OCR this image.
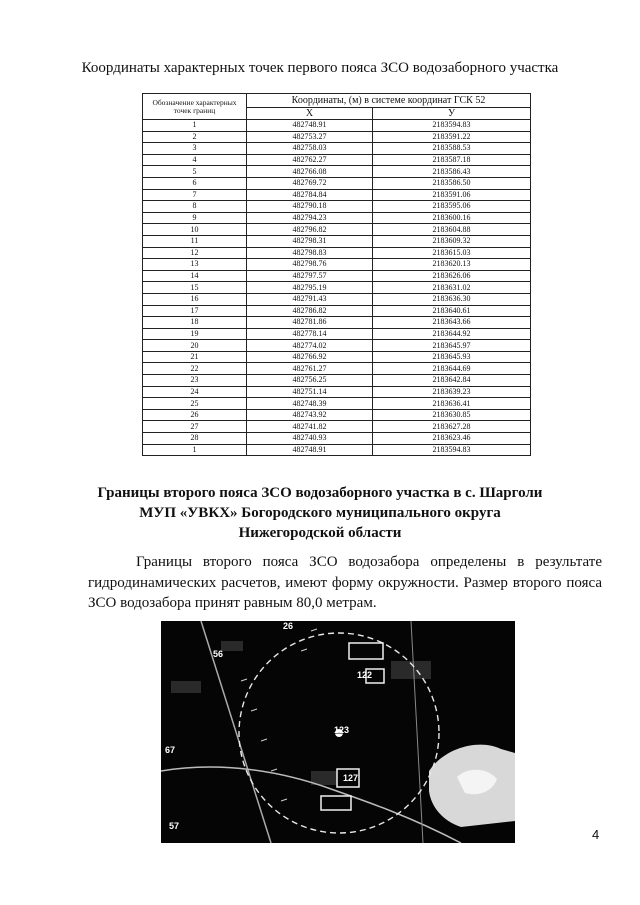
Координаты характерных точек первого пояса ЗСО водозаборного участка
Обозначение характерных точек границ	Координаты, (м) в системе координат ГСК 52	
	X	У
1	482748.91	2183594.83
2	482753.27	2183591.22
3	482758.03	2183588.53
4	482762.27	2183587.18
5	482766.08	2183586.43
6	482769.72	2183586.50
7	482784.84	2183591.06
8	482790.18	2183595.06
9	482794.23	2183600.16
10	482796.82	2183604.88
11	482798.31	2183609.32
12	482798.83	2183615.03
13	482798.76	2183620.13
14	482797.57	2183626.06
15	482795.19	2183631.02
16	482791.43	2183636.30
17	482786.82	2183640.61
18	482781.86	2183643.66
19	482778.14	2183644.92
20	482774.02	2183645.97
21	482766.92	2183645.93
22	482761.27	2183644.69
23	482756.25	2183642.84
24	482751.14	2183639.23
25	482748.39	2183636.41
26	482743.92	2183630.85
27	482741.82	2183627.28
28	482740.93	2183623.46
1	482748.91	2183594.83
Границы второго пояса ЗСО водозаборного участка в с. Шарголи
МУП «УВКХ» Богородского муниципального округа
Нижегородской области
Границы второго пояса ЗСО водозабора определены в результате гидродинамических расчетов, имеют форму окружности. Размер второго пояса ЗСО водозабора принят равным 80,0 метрам.
56
26
122
123
127
67
57
4
